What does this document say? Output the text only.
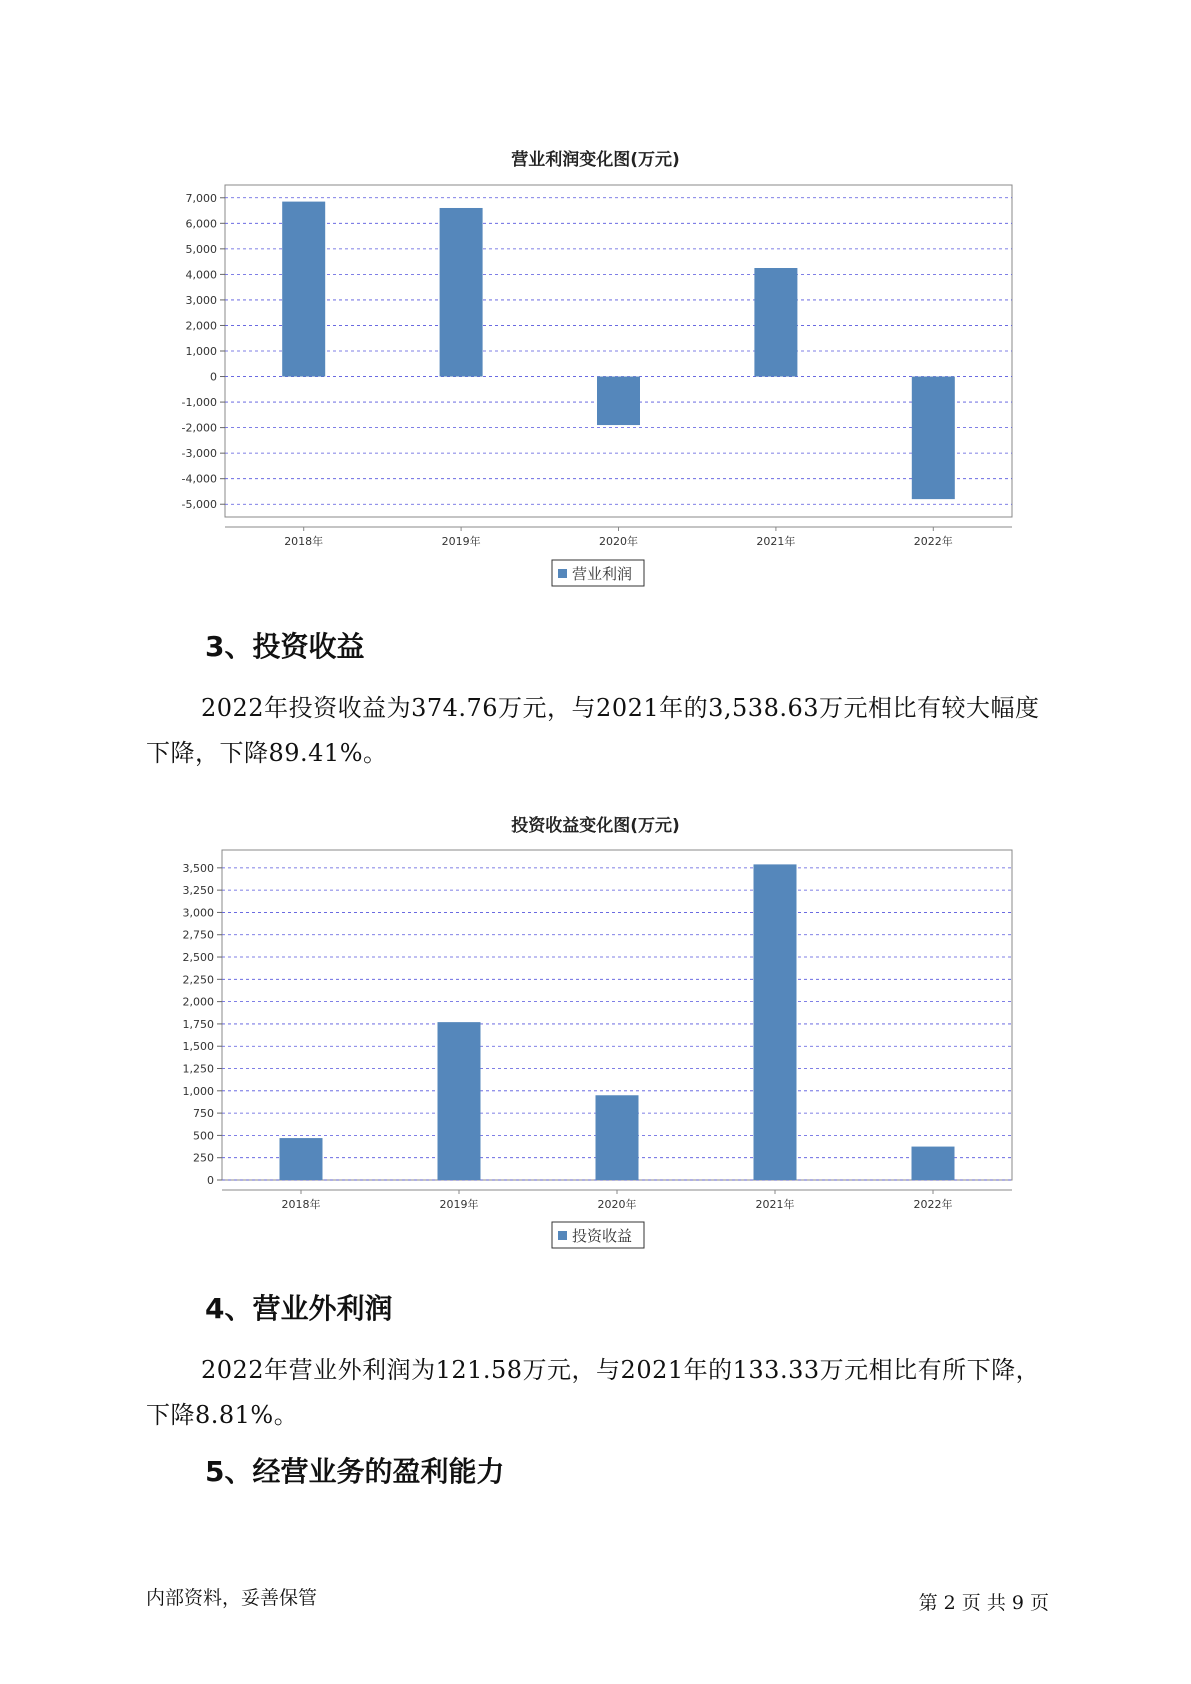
营业利润变化图(万元)
7,000
6,000
5,000
4,000
3,000
2,000
1,000
0
-1,000
-2,000
-3,000
-4,000
-5,000
2018年	2019年	2020年	2021年	2022年
营业利润
3、投资收益
2022年投资收益为374.76万元，与2021年的3,538.63万元相比有较大幅度下降，下降89.41%。
投资收益变化图(万元)
3,500
3,250
3,000
2,750
2,500
2,250
2,000
1,750
1,500
1,250
1,000
750
500
250
0
2018年	2019年	2020年	2021年	2022年
投资收益
4、营业外利润
2022年营业外利润为121.58万元，与2021年的133.33万元相比有所下降，下降8.81%。
5、经营业务的盈利能力
内部资料，妥善保管	第 2 页 共 9 页
